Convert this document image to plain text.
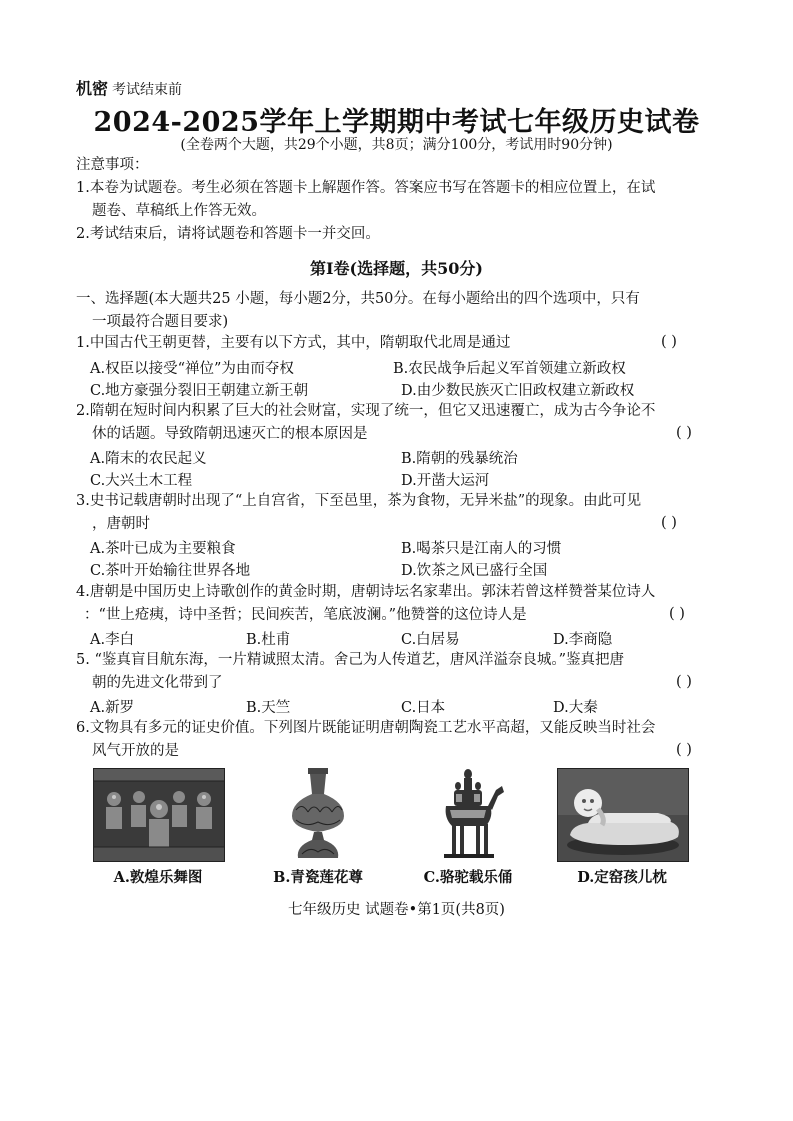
机密 考试结束前
2024-2025学年上学期期中考试七年级历史试卷
(全卷两个大题，共29个小题，共8页；满分100分，考试用时90分钟)
注意事项：
1.本卷为试题卷。考生必须在答题卡上解题作答。答案应书写在答题卡的相应位置上，在试
题卷、草稿纸上作答无效。
2.考试结束后，请将试题卷和答题卡一并交回。
第Ⅰ卷(选择题，共50分)
一、选择题(本大题共25 小题，每小题2分，共50分。在每小题给出的四个选项中，只有
一项最符合题目要求)
1.中国古代王朝更替，主要有以下方式，其中，隋朝取代北周是通过	( )
A.权臣以接受“禅位”为由而夺权	B.农民战争后起义军首领建立新政权
C.地方豪强分裂旧王朝建立新王朝	D.由少数民族灭亡旧政权建立新政权
2.隋朝在短时间内积累了巨大的社会财富，实现了统一，但它又迅速覆亡，成为古今争论不
休的话题。导致隋朝迅速灭亡的根本原因是	( )
A.隋末的农民起义	B.隋朝的残暴统治
C.大兴土木工程	D.开凿大运河
3.史书记载唐朝时出现了“上自宫省，下至邑里，茶为食物，无异米盐”的现象。由此可见
，唐朝时	( )
A.茶叶已成为主要粮食	B.喝茶只是江南人的习惯
C.茶叶开始输往世界各地	D.饮茶之风已盛行全国
4.唐朝是中国历史上诗歌创作的黄金时期，唐朝诗坛名家辈出。郭沫若曾这样赞誉某位诗人
：“世上疮痍，诗中圣哲；民间疾苦，笔底波澜。”他赞誉的这位诗人是	( )
A.李白	B.杜甫	C.白居易	D.李商隐
5. “鉴真盲目航东海，一片精诚照太清。舍己为人传道艺，唐风洋溢奈良城。”鉴真把唐
朝的先进文化带到了	( )
A.新罗	B.天竺	C.日本	D.大秦
6.文物具有多元的证史价值。下列图片既能证明唐朝陶瓷工艺水平高超，又能反映当时社会
风气开放的是	( )
A.敦煌乐舞图	B.青瓷莲花尊	C.骆驼载乐俑	D.定窑孩儿枕
七年级历史 试题卷•第1页(共8页)
